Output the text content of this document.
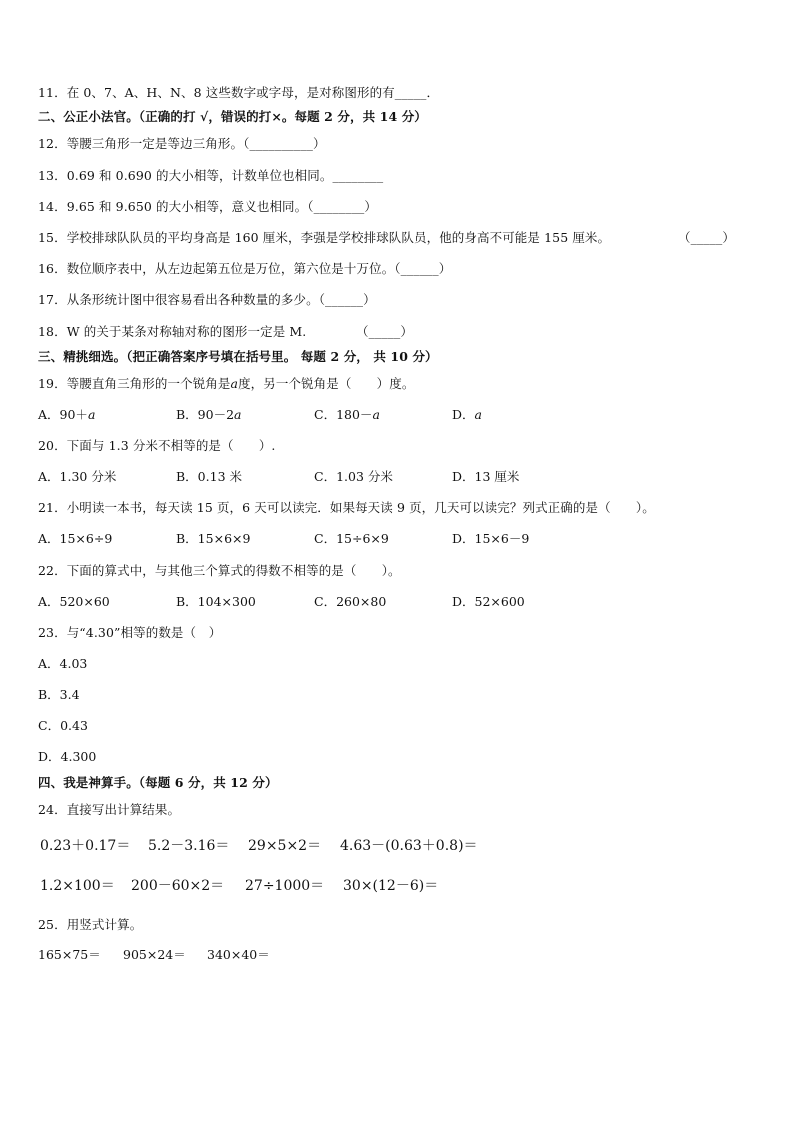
11．在 0、7、A、H、N、8 这些数字或字母，是对称图形的有_____．
二、公正小法官。（正确的打 √，错误的打×。每题 2 分，共 14 分）
12．等腰三角形一定是等边三角形。（__________）
13．0.69 和 0.690 的大小相等，计数单位也相同。________
14．9.65 和 9.650 的大小相等，意义也相同。（________）
15．学校排球队队员的平均身高是 160 厘米，李强是学校排球队队员，他的身高不可能是 155 厘米。	（_____）
16．数位顺序表中，从左边起第五位是万位，第六位是十万位。（______）
17．从条形统计图中很容易看出各种数量的多少。（______）
18．W 的关于某条对称轴对称的图形一定是 M.	（_____）
三、精挑细选。（把正确答案序号填在括号里。 每题 2 分， 共 10 分）
19．等腰直角三角形的一个锐角是a度，另一个锐角是（　　）度。
A．90＋a	B．90－2a	C．180－a	D．a
20．下面与 1.3 分米不相等的是（　　）.
A．1.30 分米	B．0.13 米	C．1.03 分米	D．13 厘米
21．小明读一本书，每天读 15 页，6 天可以读完．如果每天读 9 页，几天可以读完？列式正确的是（　　）。
A．15×6÷9	B．15×6×9	C．15÷6×9	D．15×6－9
22．下面的算式中，与其他三个算式的得数不相等的是（　　）。
A．520×60	B．104×300	C．260×80	D．52×600
23．与“4.30”相等的数是（　）
A．4.03
B．3.4
C．0.43
D．4.300
四、我是神算手。（每题 6 分，共 12 分）
24．直接写出计算结果。
0.23＋0.17＝ 5.2－3.16＝ 29×5×2＝ 4.63－(0.63＋0.8)＝
1.2×100＝ 200－60×2＝ 27÷1000＝ 30×(12－6)＝
25．用竖式计算。
165×75＝ 905×24＝ 340×40＝
